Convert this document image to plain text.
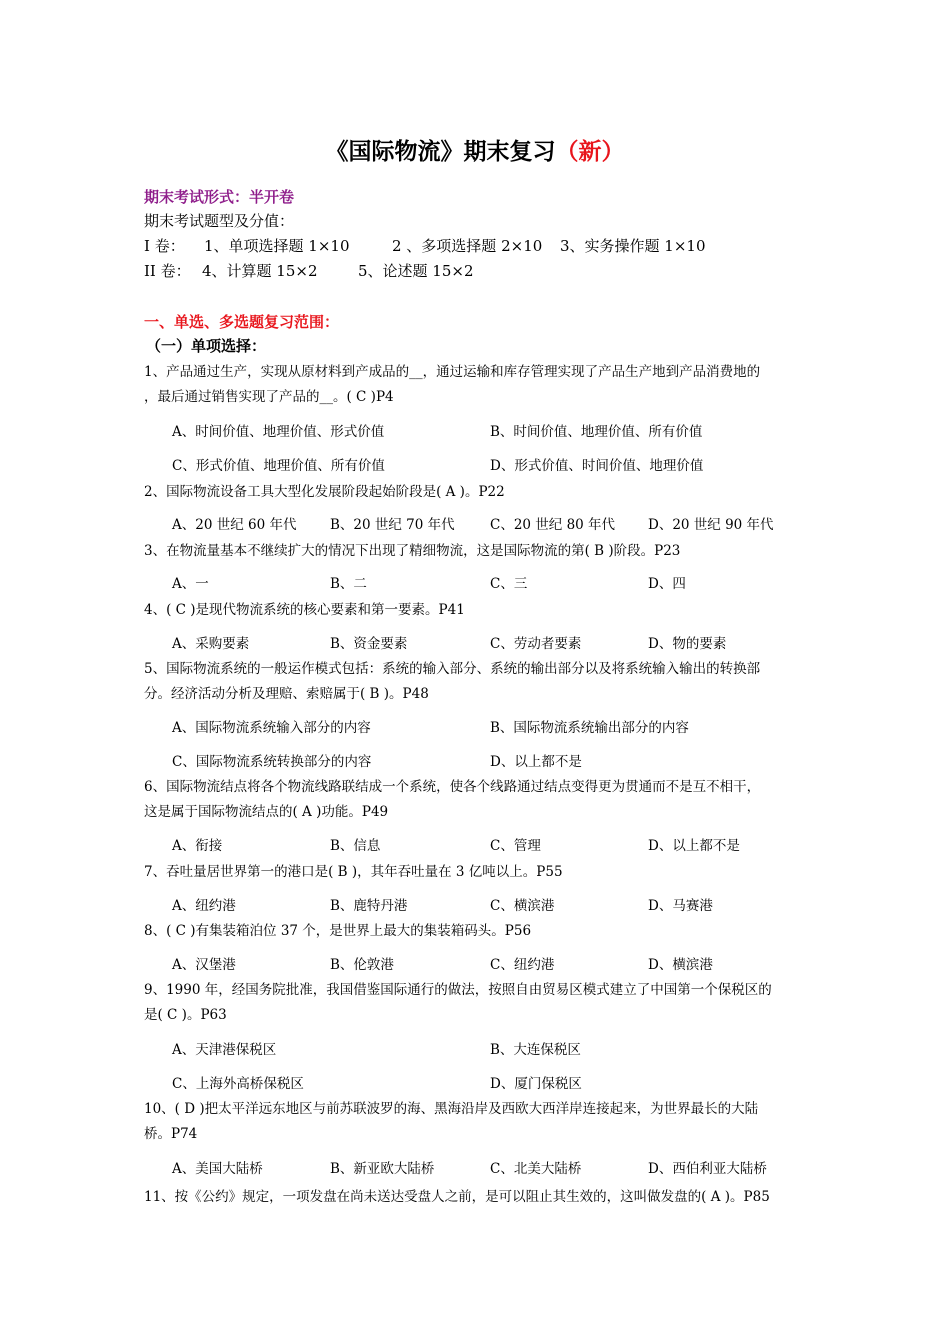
《国际物流》期末复习（新）
期末考试形式：半开卷
期末考试题型及分值：
I 卷： 1、单项选择题 1×10	2 、多项选择题 2×10 3、实务操作题 1×10
II 卷： 4、计算题 15×2	5、论述题 15×2
一、单选、多选题复习范围：
（一）单项选择：
1、产品通过生产，实现从原材料到产成品的__，通过运输和库存管理实现了产品生产地到产品消费地的
，最后通过销售实现了产品的__。( C )P4
A、时间价值、地理价值、形式价值	B、时间价值、地理价值、所有价值
C、形式价值、地理价值、所有价值	D、形式价值、时间价值、地理价值
2、国际物流设备工具大型化发展阶段起始阶段是( A )。P22
A、20 世纪 60 年代 B、20 世纪 70 年代	C、20 世纪 80 年代 D、20 世纪 90 年代
3、在物流量基本不继续扩大的情况下出现了精细物流，这是国际物流的第( B )阶段。P23
A、一	B、二	C、三	D、四
4、( C )是现代物流系统的核心要素和第一要素。P41
A、采购要素	B、资金要素	C、劳动者要素	D、物的要素
5、国际物流系统的一般运作模式包括：系统的输入部分、系统的输出部分以及将系统输入输出的转换部
分。经济活动分析及理赔、索赔属于( B )。P48
A、国际物流系统输入部分的内容	B、国际物流系统输出部分的内容
C、国际物流系统转换部分的内容	D、以上都不是
6、国际物流结点将各个物流线路联结成一个系统，使各个线路通过结点变得更为贯通而不是互不相干，
这是属于国际物流结点的( A )功能。P49
A、衔接	B、信息	C、管理	D、以上都不是
7、吞吐量居世界第一的港口是( B )，其年吞吐量在 3 亿吨以上。P55
A、纽约港	B、鹿特丹港	C、横滨港	D、马赛港
8、( C )有集装箱泊位 37 个，是世界上最大的集装箱码头。P56
A、汉堡港	B、伦敦港	C、纽约港	D、横滨港
9、1990 年，经国务院批准，我国借鉴国际通行的做法，按照自由贸易区模式建立了中国第一个保税区的
是( C )。P63
A、天津港保税区	B、大连保税区
C、上海外高桥保税区	D、厦门保税区
10、( D )把太平洋远东地区与前苏联波罗的海、黑海沿岸及西欧大西洋岸连接起来，为世界最长的大陆
桥。P74
A、美国大陆桥	B、新亚欧大陆桥	C、北美大陆桥	D、西伯利亚大陆桥
11、按《公约》规定，一项发盘在尚未送达受盘人之前，是可以阻止其生效的，这叫做发盘的( A )。P85
